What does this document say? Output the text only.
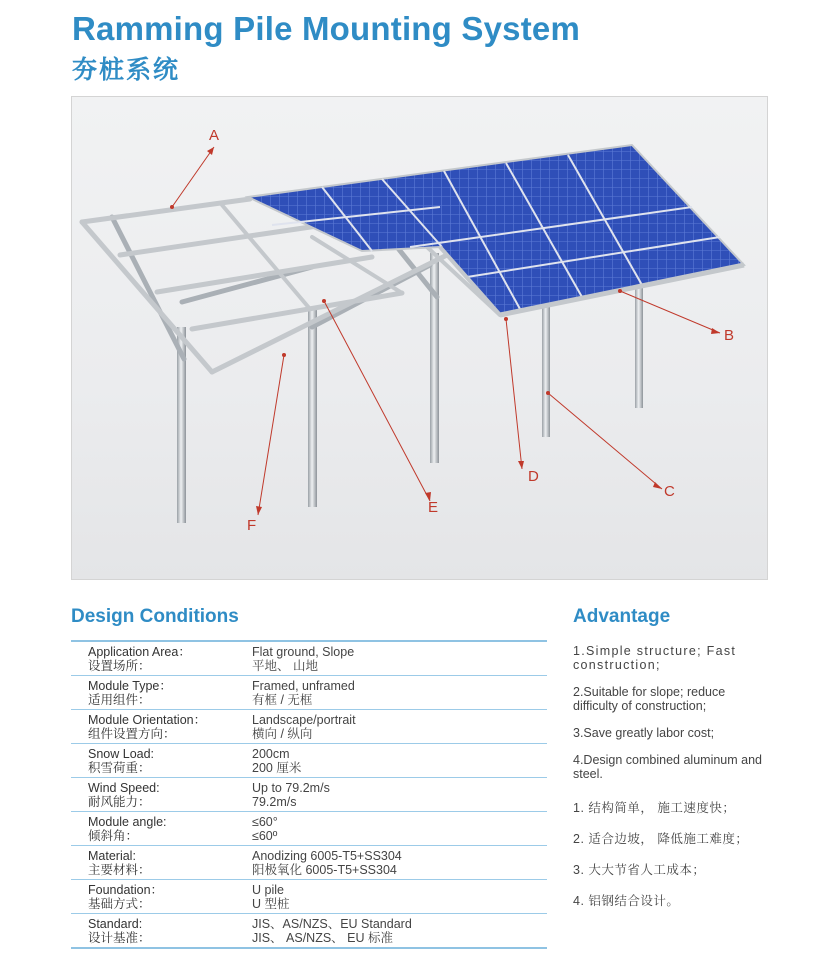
Ramming Pile Mounting System
夯桩系统
A
B
C
D
E
F
Design Conditions	Advantage
Application Area：
设置场所：
Flat ground, Slope
平地、 山地
Module Type：
适用组件：
Framed, unframed
有框 / 无框
Module Orientation：
组件设置方向：
Landscape/portrait
横向 / 纵向
Snow Load:
积雪荷重：
200cm
200 厘米
Wind Speed:
耐风能力：
Up to 79.2m/s
79.2m/s
Module angle:
倾斜角：
≤60°
≤60º
Material:
主要材料：
Anodizing 6005-T5+SS304
阳极氧化 6005-T5+SS304
Foundation：
基础方式：
U pile
U 型桩
Standard:
设计基准：
JIS、AS/NZS、EU Standard
JIS、 AS/NZS、 EU 标准
1.Simple structure; Fast construction;
2.Suitable for slope; reduce difficulty of construction;
3.Save greatly labor cost;
4.Design combined aluminum and steel.
1. 结构简单， 施工速度快；
2. 适合边坡， 降低施工难度；
3. 大大节省人工成本；
4. 铝钢结合设计。
